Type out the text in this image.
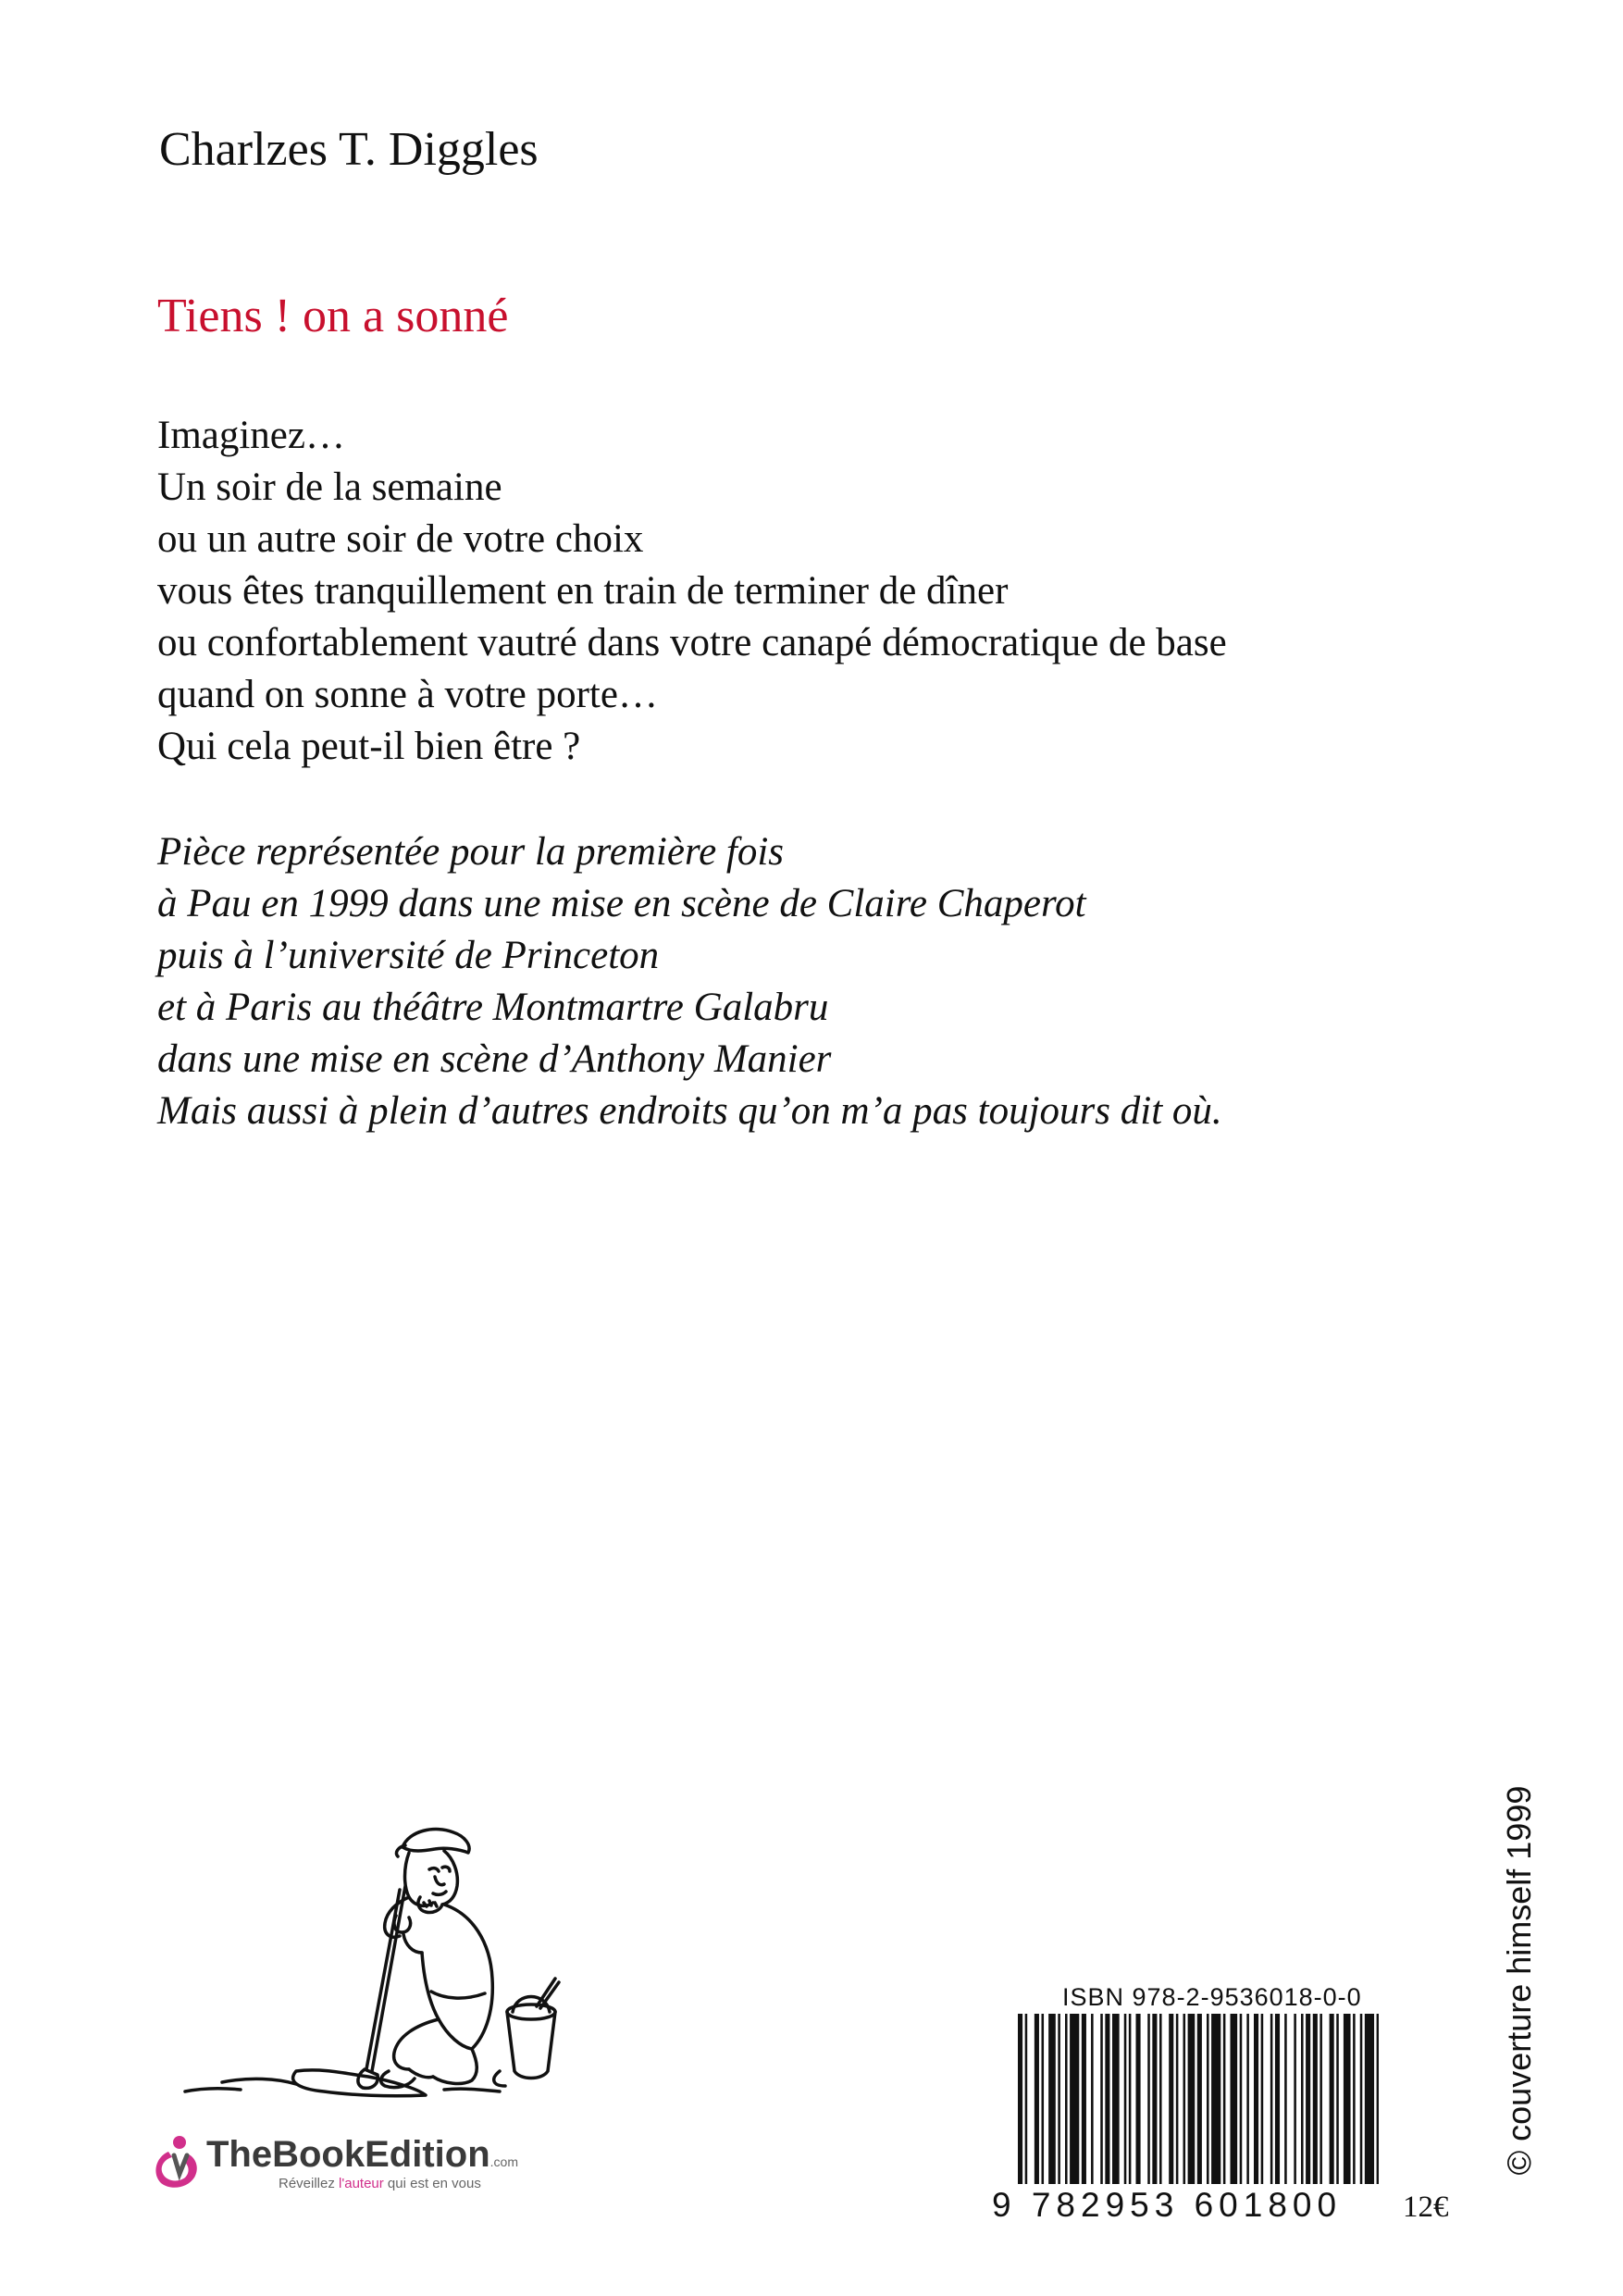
Charlzes T. Diggles
Tiens ! on a sonné
Imaginez…
Un soir de la semaine
ou un autre soir de votre choix
vous êtes tranquillement en train de terminer de dîner
ou confortablement vautré dans votre canapé démocratique de base
quand on sonne à votre porte…
Qui cela peut-il bien être ?
Pièce représentée pour la première fois
à Pau en 1999 dans une mise en scène de Claire Chaperot
puis à l’université de Princeton
et à Paris au théâtre Montmartre Galabru
dans une mise en scène d’Anthony Manier
Mais aussi à plein d’autres endroits qu’on m’a pas toujours dit où.
TheBookEdition.com
Réveillez l'auteur qui est en vous
ISBN 978-2-9536018-0-0
9 782953 601800 12€
© couverture himself 1999
